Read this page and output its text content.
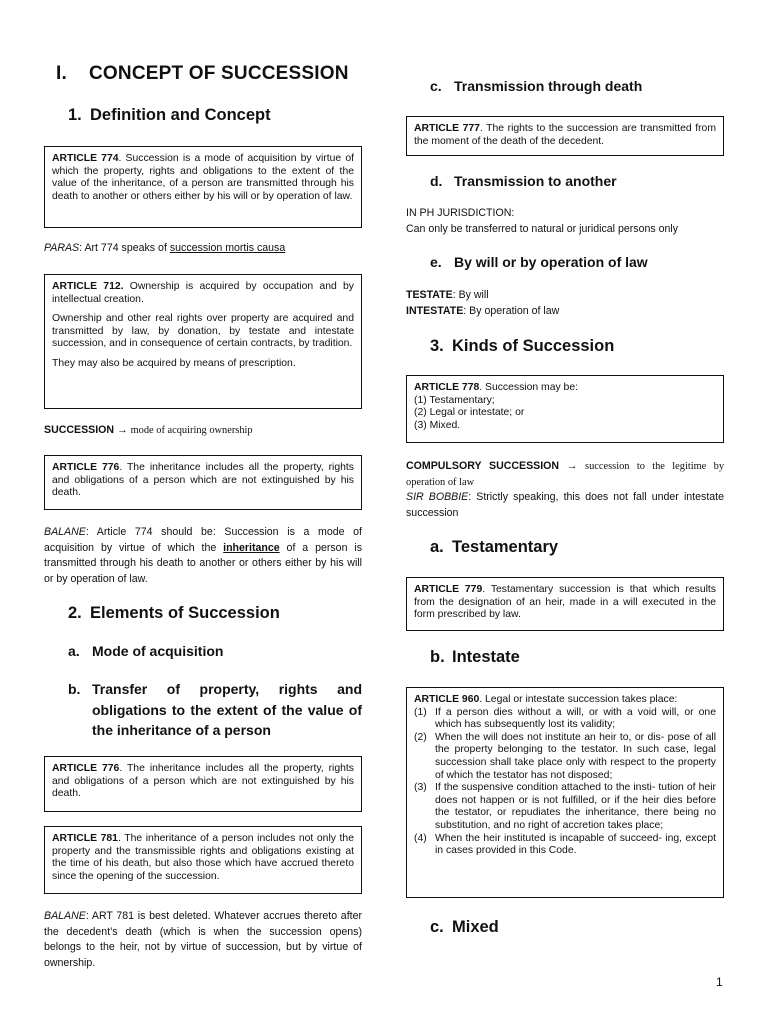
I. CONCEPT OF SUCCESSION
1. Definition and Concept

ARTICLE 774. Succession is a mode of acquisition by virtue of which the property, rights and obligations to the extent of the value of the inheritance, of a person are transmitted through his death to another or others either by his will or by operation of law.

PARAS: Art 774 speaks of succession mortis causa

ARTICLE 712. Ownership is acquired by occupation and by intellectual creation.

Ownership and other real rights over property are acquired and transmitted by law, by donation, by testate and intestate succession, and in consequence of certain contracts, by tradition.

They may also be acquired by means of prescription.

SUCCESSION → mode of acquiring ownership

ARTICLE 776. The inheritance includes all the property, rights and obligations of a person which are not extinguished by his death.

BALANE: Article 774 should be: Succession is a mode of acquisition by virtue of which the inheritance of a person is transmitted through his death to another or others either by his will or by operation of law.
2. Elements of Succession
a. Mode of acquisition
b. Transfer of property, rights and obligations to the extent of the value of the inheritance of a person

ARTICLE 776. The inheritance includes all the property, rights and obligations of a person which are not extinguished by his death.

ARTICLE 781. The inheritance of a person includes not only the property and the transmissible rights and obligations existing at the time of his death, but also those which have accrued thereto since the opening of the succession.

BALANE: ART 781 is best deleted. Whatever accrues thereto after the decedent’s death (which is when the succession opens) belongs to the heir, not by virtue of succession, but by virtue of ownership.
c. Transmission through death

ARTICLE 777. The rights to the succession are transmitted from the moment of the death of the decedent.

d. Transmission to another
IN PH JURISDICTION:
Can only be transferred to natural or juridical persons only
e. By will or by operation of law
TESTATE: By will
INTESTATE: By operation of law
3. Kinds of Succession

ARTICLE 778. Succession may be:

(1) Testamentary;
(2) Legal or intestate; or
(3) Mixed.
COMPULSORY SUCCESSION → succession to the legitime by operation of law
SIR BOBBIE: Strictly speaking, this does not fall under intestate succession
a. Testamentary

ARTICLE 779. Testamentary succession is that which results from the designation of an heir, made in a will executed in the form prescribed by law.

b. Intestate

ARTICLE 960. Legal or intestate succession takes place:

If a person dies without a will, or with a void will, or one which has subsequently lost its validity;
When the will does not institute an heir to, or dis- pose of all the property belonging to the testator. In such case, legal succession shall take place only with respect to the property of which the testator has not disposed;
If the suspensive condition attached to the insti- tution of heir does not happen or is not fulfilled, or if the heir dies before the testator, or repudiates the inheritance, there being no substitution, and no right of accretion takes place;
When the heir instituted is incapable of succeed- ing, except in cases provided in this Code.
c. Mixed
1
